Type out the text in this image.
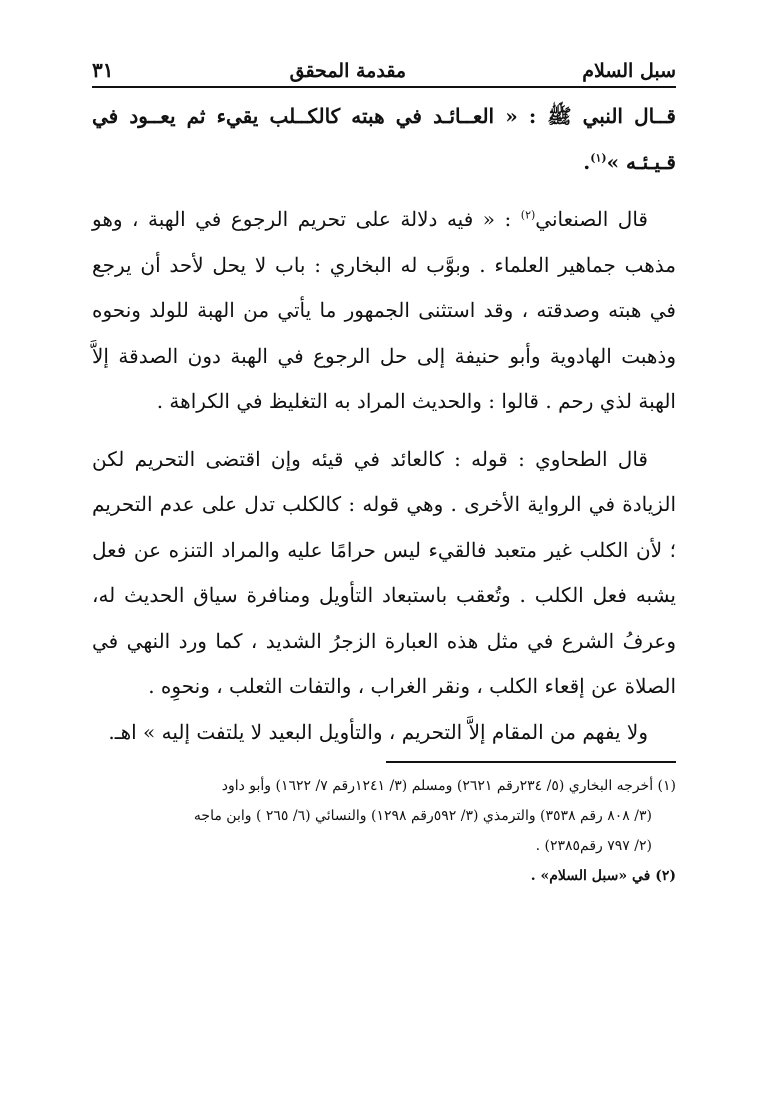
سبل السلام
مقدمة المحقق
٣١

قــال النبي ﷺ : « العــائـد في هبته كالكــلب يقيء ثم يعــود في قـيـئـه »$^{(١)}$.

قال الصنعاني$^{(٢)}$ : « فيه دلالة على تحريم الرجوع في الهبة ، وهو مذهب جماهير العلماء . وبوَّب له البخاري : باب لا يحل لأحد أن يرجع في هبته وصدقته ، وقد استثنى الجمهور ما يأتي من الهبة للولد ونحوه وذهبت الهادوية وأبو حنيفة إلى حل الرجوع في الهبة دون الصدقة إلاَّ الهبة لذي رحم . قالوا : والحديث المراد به التغليظ في الكراهة .

قال الطحاوي : قوله : كالعائد في قيئه وإن اقتضى التحريم لكن الزيادة في الرواية الأخرى . وهي قوله : كالكلب تدل على عدم التحريم ؛ لأن الكلب غير متعبد فالقيء ليس حرامًا عليه والمراد التنزه عن فعل يشبه فعل الكلب . وتُعقب باستبعاد التأويل ومنافرة سياق الحديث له، وعرفُ الشرع في مثل هذه العبارة الزجرُ الشديد ، كما ورد النهي في الصلاة عن إقعاء الكلب ، ونقر الغراب ، والتفات الثعلب ، ونحوِه .

ولا يفهم من المقام إلاَّ التحريم ، والتأويل البعيد لا يلتفت إليه » اهـ.

(١) أخرجه البخاري (٥/ ٢٣٤رقم ٢٦٢١) ومسلم (٣/ ١٢٤١رقم ٧/ ١٦٢٢) وأبو داود

(٣/ ٨٠٨ رقم ٣٥٣٨) والترمذي (٣/ ٥٩٢رقم ١٢٩٨) والنسائي (٦/ ٢٦٥ ) وابن ماجه

(٢/ ٧٩٧ رقم٢٣٨٥) .

(٢) في «سبل السلام» .
